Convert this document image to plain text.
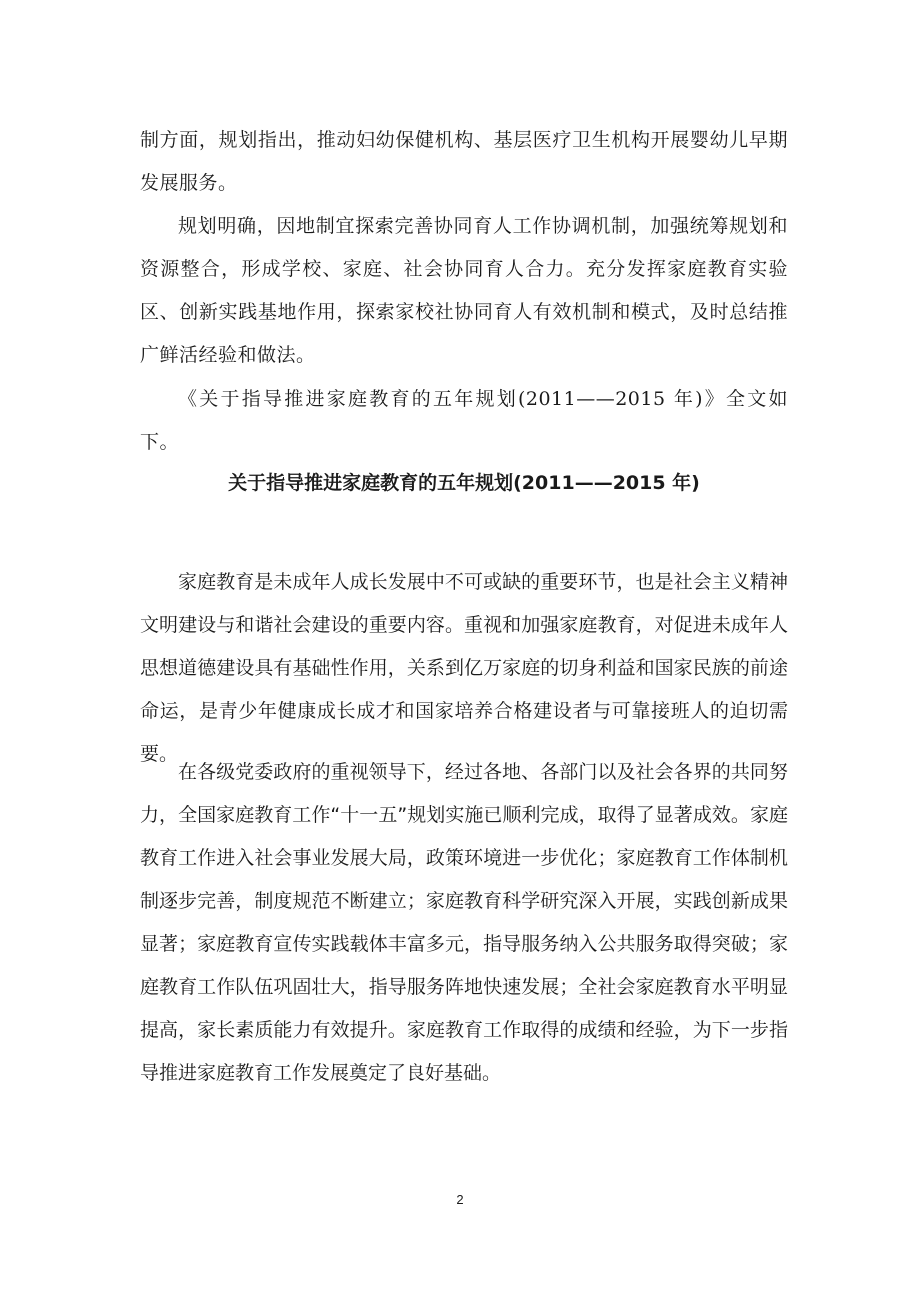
制方面，规划指出，推动妇幼保健机构、基层医疗卫生机构开展婴幼儿早期发展服务。

规划明确，因地制宜探索完善协同育人工作协调机制，加强统筹规划和资源整合，形成学校、家庭、社会协同育人合力。充分发挥家庭教育实验区、创新实践基地作用，探索家校社协同育人有效机制和模式，及时总结推广鲜活经验和做法。

《关于指导推进家庭教育的五年规划(2011——2015 年)》全文如下。

关于指导推进家庭教育的五年规划(2011——2015 年)

家庭教育是未成年人成长发展中不可或缺的重要环节，也是社会主义精神文明建设与和谐社会建设的重要内容。重视和加强家庭教育，对促进未成年人思想道德建设具有基础性作用，关系到亿万家庭的切身利益和国家民族的前途命运，是青少年健康成长成才和国家培养合格建设者与可靠接班人的迫切需要。

在各级党委政府的重视领导下，经过各地、各部门以及社会各界的共同努力，全国家庭教育工作“十一五”规划实施已顺利完成，取得了显著成效。家庭教育工作进入社会事业发展大局，政策环境进一步优化；家庭教育工作体制机制逐步完善，制度规范不断建立；家庭教育科学研究深入开展，实践创新成果显著；家庭教育宣传实践载体丰富多元，指导服务纳入公共服务取得突破；家庭教育工作队伍巩固壮大，指导服务阵地快速发展；全社会家庭教育水平明显提高，家长素质能力有效提升。家庭教育工作取得的成绩和经验，为下一步指导推进家庭教育工作发展奠定了良好基础。

2
